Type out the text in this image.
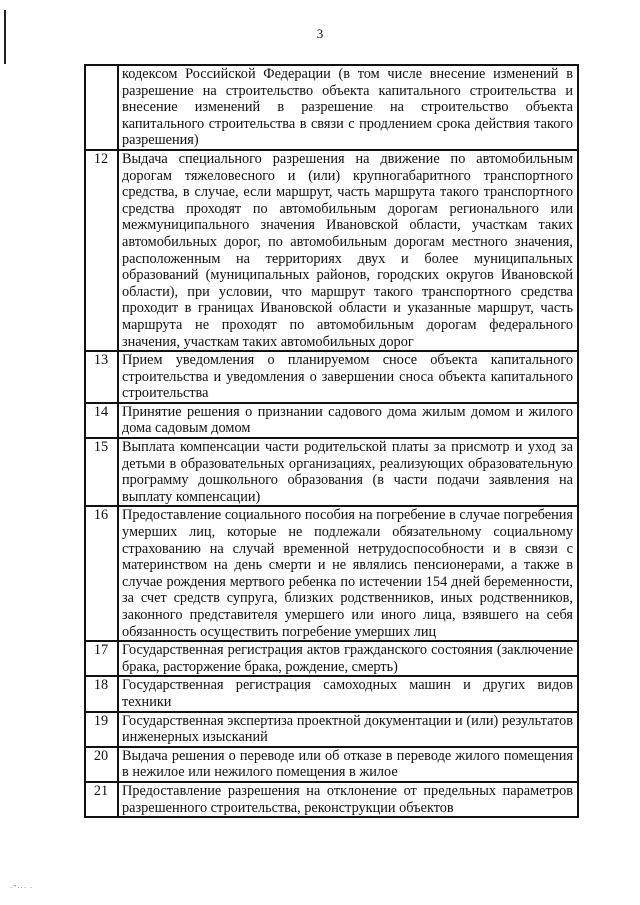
3
	кодексом Российской Федерации (в том числе внесение изменений в разрешение на строительство объекта капитального строительства и внесение изменений в разрешение на строительство объекта капитального строительства в связи с продлением срока действия такого разрешения)
12	Выдача специального разрешения на движение по автомобильным дорогам тяжеловесного и (или) крупногабаритного транспортного средства, в случае, если маршрут, часть маршрута такого транспортного средства проходят по автомобильным дорогам регионального или межмуниципального значения Ивановской области, участкам таких автомобильных дорог, по автомобильным дорогам местного значения, расположенным на территориях двух и более муниципальных образований (муниципальных районов, городских округов Ивановской области), при условии, что маршрут такого транспортного средства проходит в границах Ивановской области и указанные маршрут, часть маршрута не проходят по автомобильным дорогам федерального значения, участкам таких автомобильных дорог
13	Прием уведомления о планируемом сносе объекта капитального строительства и уведомления о завершении сноса объекта капитального строительства
14	Принятие решения о признании садового дома жилым домом и жилого дома садовым домом
15	Выплата компенсации части родительской платы за присмотр и уход за детьми в образовательных организациях, реализующих образовательную программу дошкольного образования (в части подачи заявления на выплату компенсации)
16	Предоставление социального пособия на погребение в случае погребения умерших лиц, которые не подлежали обязательному социальному страхованию на случай временной нетрудоспособности и в связи с материнством на день смерти и не являлись пенсионерами, а также в случае рождения мертвого ребенка по истечении 154 дней беременности, за счет средств супруга, близких родственников, иных родственников, законного представителя умершего или иного лица, взявшего на себя обязанность осуществить погребение умерших лиц
17	Государственная регистрация актов гражданского состояния (заключение брака, расторжение брака, рождение, смерть)
18	Государственная регистрация самоходных машин и других видов техники
19	Государственная экспертиза проектной документации и (или) результатов инженерных изысканий
20	Выдача решения о переводе или об отказе в переводе жилого помещения в нежилое или нежилого помещения в жилое
21	Предоставление разрешения на отклонение от предельных параметров разрешенного строительства, реконструкции объектов
·″··· ·
